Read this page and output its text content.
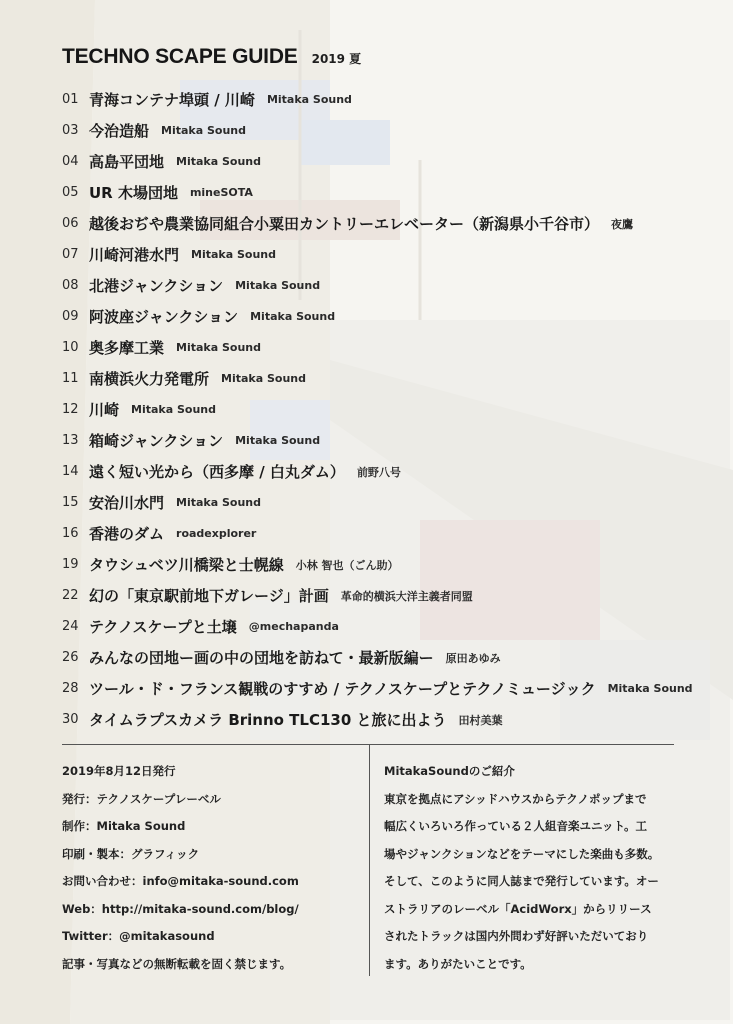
TECHNO SCAPE GUIDE 2019 夏
01 青海コンテナ埠頭 / 川崎 Mitaka Sound
03 今治造船 Mitaka Sound
04 高島平団地 Mitaka Sound
05 UR 木場団地 mineSOTA
06 越後おぢや農業協同組合小粟田カントリーエレベーター（新潟県小千谷市） 夜鷹
07 川崎河港水門 Mitaka Sound
08 北港ジャンクション Mitaka Sound
09 阿波座ジャンクション Mitaka Sound
10 奥多摩工業 Mitaka Sound
11 南横浜火力発電所 Mitaka Sound
12 川崎 Mitaka Sound
13 箱崎ジャンクション Mitaka Sound
14 遠く短い光から（西多摩 / 白丸ダム） 前野八号
15 安治川水門 Mitaka Sound
16 香港のダム roadexplorer
19 タウシュベツ川橋梁と士幌線 小林 智也（ごん助）
22 幻の「東京駅前地下ガレージ」計画 革命的横浜大洋主義者同盟
24 テクノスケープと土壌 @mechapanda
26 みんなの団地ー画の中の団地を訪ねて・最新版編ー 原田あゆみ
28 ツール・ド・フランス観戦のすすめ / テクノスケープとテクノミュージック Mitaka Sound
30 タイムラプスカメラ Brinno TLC130 と旅に出よう 田村美葉
2019年8月12日発行
発行：テクノスケープレーベル
制作：Mitaka Sound
印刷・製本：グラフィック
お問い合わせ：info@mitaka-sound.com
Web：http://mitaka-sound.com/blog/
Twitter：@mitakasound
記事・写真などの無断転載を固く禁じます。
MitakaSoundのご紹介
東京を拠点にアシッドハウスからテクノポップまで
幅広くいろいろ作っている２人組音楽ユニット。工
場やジャンクションなどをテーマにした楽曲も多数。
そして、このように同人誌まで発行しています。オー
ストラリアのレーベル「AcidWorx」からリリース
されたトラックは国内外問わず好評いただいており
ます。ありがたいことです。
